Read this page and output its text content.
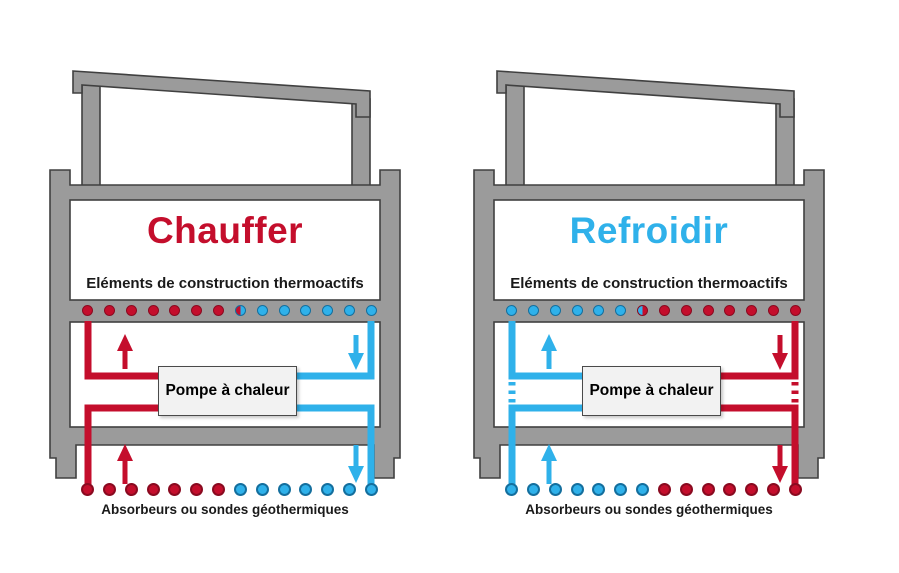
Chauffer
Eléments de construction thermoactifs
Pompe à chaleur
Absorbeurs ou sondes géothermiques
Refroidir
Eléments de construction thermoactifs
Pompe à chaleur
Absorbeurs ou sondes géothermiques
